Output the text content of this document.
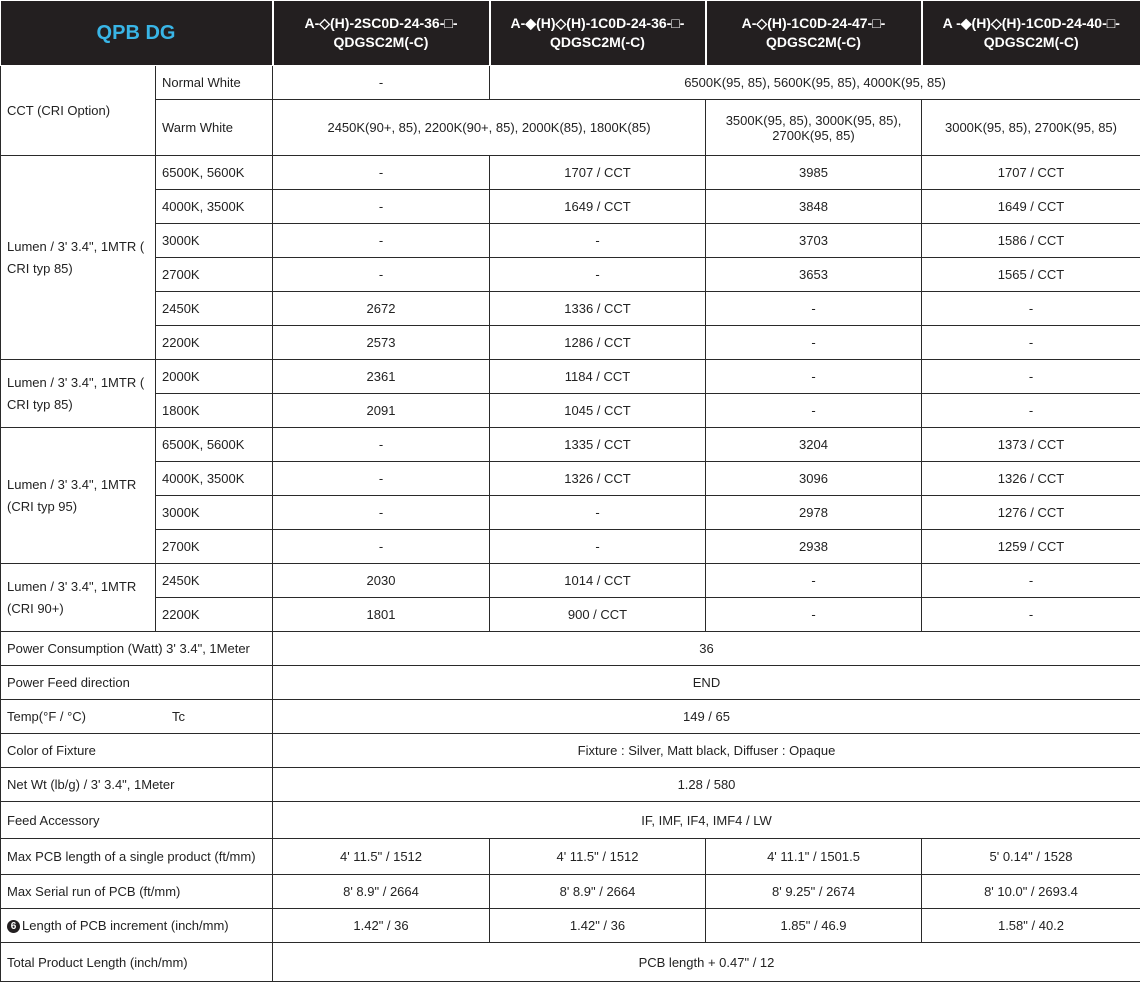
QPB DG		A-◇(H)-2SC0D-24-36-□-QDGSC2M(-C)	A-◆(H)◇(H)-1C0D-24-36-□-QDGSC2M(-C)	A-◇(H)-1C0D-24-47-□-QDGSC2M(-C)	A -◆(H)◇(H)-1C0D-24-40-□-QDGSC2M(-C)
CCT (CRI Option)	Normal White	-	6500K(95, 85), 5600K(95, 85), 4000K(95, 85)		
	Warm White	2450K(90+, 85), 2200K(90+, 85), 2000K(85), 1800K(85)		3500K(95, 85), 3000K(95, 85), 2700K(95, 85)	3000K(95, 85), 2700K(95, 85)
Lumen / 3' 3.4", 1MTR ( CRI typ 85)	6500K, 5600K	-	1707 / CCT	3985	1707 / CCT
	4000K, 3500K	-	1649 / CCT	3848	1649 / CCT
	3000K	-	-	3703	1586 / CCT
	2700K	-	-	3653	1565 / CCT
	2450K	2672	1336 / CCT	-	-
	2200K	2573	1286 / CCT	-	-
Lumen / 3' 3.4", 1MTR ( CRI typ 85)	2000K	2361	1184 / CCT	-	-
	1800K	2091	1045 / CCT	-	-
Lumen / 3' 3.4", 1MTR (CRI typ 95)	6500K, 5600K	-	1335 / CCT	3204	1373 / CCT
	4000K, 3500K	-	1326 / CCT	3096	1326 / CCT
	3000K	-	-	2978	1276 / CCT
	2700K	-	-	2938	1259 / CCT
Lumen / 3' 3.4", 1MTR (CRI 90+)	2450K	2030	1014 / CCT	-	-
	2200K	1801	900 / CCT	-	-
Power Consumption (Watt) 3' 3.4", 1Meter		36			
Power Feed direction		END			
Temp(°F / °C) Tc		149 / 65			
Color of Fixture		Fixture : Silver, Matt black, Diffuser : Opaque			
Net Wt (lb/g) / 3' 3.4", 1Meter		1.28 / 580			
Feed Accessory		IF, IMF, IF4, IMF4 / LW			
Max PCB length of a single product (ft/mm)		4' 11.5" / 1512	4' 11.5" / 1512	4' 11.1" / 1501.5	5' 0.14" / 1528
Max Serial run of PCB (ft/mm)		8' 8.9" / 2664	8' 8.9" / 2664	8' 9.25" / 2674	8' 10.0" / 2693.4
6 Length of PCB increment (inch/mm)		1.42" / 36	1.42" / 36	1.85" / 46.9	1.58" / 40.2
Total Product Length (inch/mm)		PCB length + 0.47" / 12			
